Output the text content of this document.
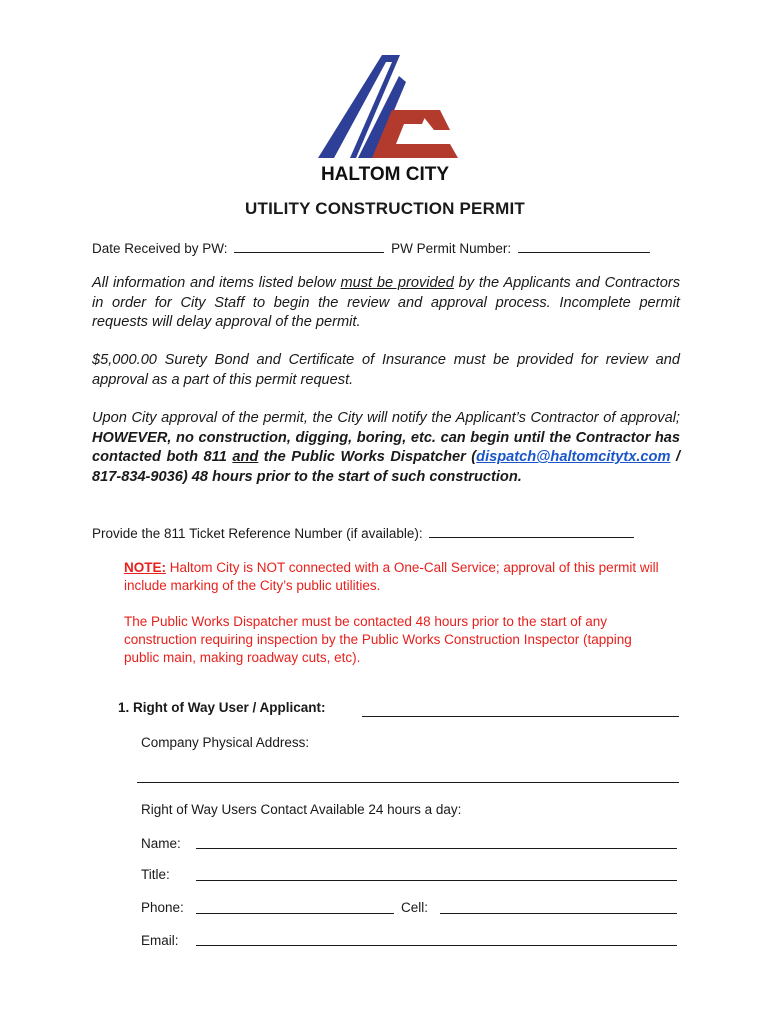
HALTOM CITY
UTILITY CONSTRUCTION PERMIT
Date Received by PW:	PW Permit Number:
All information and items listed below must be provided by the Applicants and Contractors in order for City Staff to begin the review and approval process. Incomplete permit requests will delay approval of the permit.
$5,000.00 Surety Bond and Certificate of Insurance must be provided for review and approval as a part of this permit request.
Upon City approval of the permit, the City will notify the Applicant’s Contractor of approval; HOWEVER, no construction, digging, boring, etc. can begin until the Contractor has contacted both 811 and the Public Works Dispatcher (dispatch@haltomcitytx.com / 817-834-9036) 48 hours prior to the start of such construction.
Provide the 811 Ticket Reference Number (if available):
NOTE: Haltom City is NOT connected with a One-Call Service; approval of this permit will include marking of the City’s public utilities.
The Public Works Dispatcher must be contacted 48 hours prior to the start of any construction requiring inspection by the Public Works Construction Inspector (tapping public main, making roadway cuts, etc).
1. Right of Way User / Applicant:
Company Physical Address:
Right of Way Users Contact Available 24 hours a day:
Name:
Title:
Phone:	Cell:
Email:
